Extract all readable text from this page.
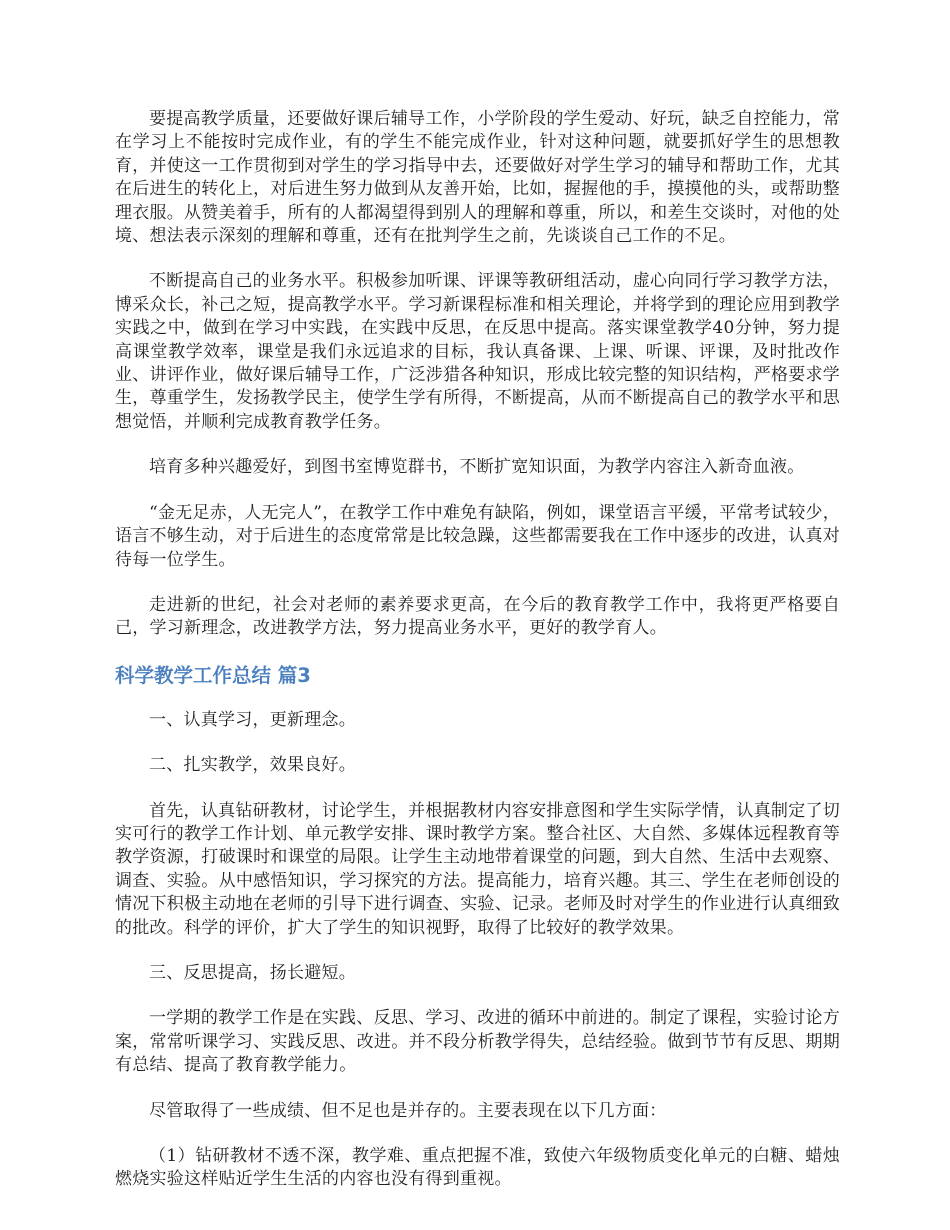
要提高教学质量，还要做好课后辅导工作，小学阶段的学生爱动、好玩，缺乏自控能力，常在学习上不能按时完成作业，有的学生不能完成作业，针对这种问题，就要抓好学生的思想教育，并使这一工作贯彻到对学生的学习指导中去，还要做好对学生学习的辅导和帮助工作，尤其在后进生的转化上，对后进生努力做到从友善开始，比如，握握他的手，摸摸他的头，或帮助整理衣服。从赞美着手，所有的人都渴望得到别人的理解和尊重，所以，和差生交谈时，对他的处境、想法表示深刻的理解和尊重，还有在批判学生之前，先谈谈自己工作的不足。

不断提高自己的业务水平。积极参加听课、评课等教研组活动，虚心向同行学习教学方法，博采众长，补己之短，提高教学水平。学习新课程标准和相关理论，并将学到的理论应用到教学实践之中，做到在学习中实践，在实践中反思，在反思中提高。落实课堂教学40分钟，努力提高课堂教学效率，课堂是我们永远追求的目标，我认真备课、上课、听课、评课，及时批改作业、讲评作业，做好课后辅导工作，广泛涉猎各种知识，形成比较完整的知识结构，严格要求学生，尊重学生，发扬教学民主，使学生学有所得，不断提高，从而不断提高自己的教学水平和思想觉悟，并顺利完成教育教学任务。

培育多种兴趣爱好，到图书室博览群书，不断扩宽知识面，为教学内容注入新奇血液。

“金无足赤，人无完人”，在教学工作中难免有缺陷，例如，课堂语言平缓，平常考试较少，语言不够生动，对于后进生的态度常常是比较急躁，这些都需要我在工作中逐步的改进，认真对待每一位学生。

走进新的世纪，社会对老师的素养要求更高，在今后的教育教学工作中，我将更严格要自己，学习新理念，改进教学方法，努力提高业务水平，更好的教学育人。

科学教学工作总结 篇3

一、认真学习，更新理念。

二、扎实教学，效果良好。

首先，认真钻研教材，讨论学生，并根据教材内容安排意图和学生实际学情，认真制定了切实可行的教学工作计划、单元教学安排、课时教学方案。整合社区、大自然、多媒体远程教育等教学资源，打破课时和课堂的局限。让学生主动地带着课堂的问题，到大自然、生活中去观察、调查、实验。从中感悟知识，学习探究的方法。提高能力，培育兴趣。其三、学生在老师创设的情况下积极主动地在老师的引导下进行调查、实验、记录。老师及时对学生的作业进行认真细致的批改。科学的评价，扩大了学生的知识视野，取得了比较好的教学效果。

三、反思提高，扬长避短。

一学期的教学工作是在实践、反思、学习、改进的循环中前进的。制定了课程，实验讨论方案，常常听课学习、实践反思、改进。并不段分析教学得失，总结经验。做到节节有反思、期期有总结、提高了教育教学能力。

尽管取得了一些成绩、但不足也是并存的。主要表现在以下几方面：

（1）钻研教材不透不深，教学难、重点把握不准，致使六年级物质变化单元的白糖、蜡烛燃烧实验这样贴近学生生活的内容也没有得到重视。
